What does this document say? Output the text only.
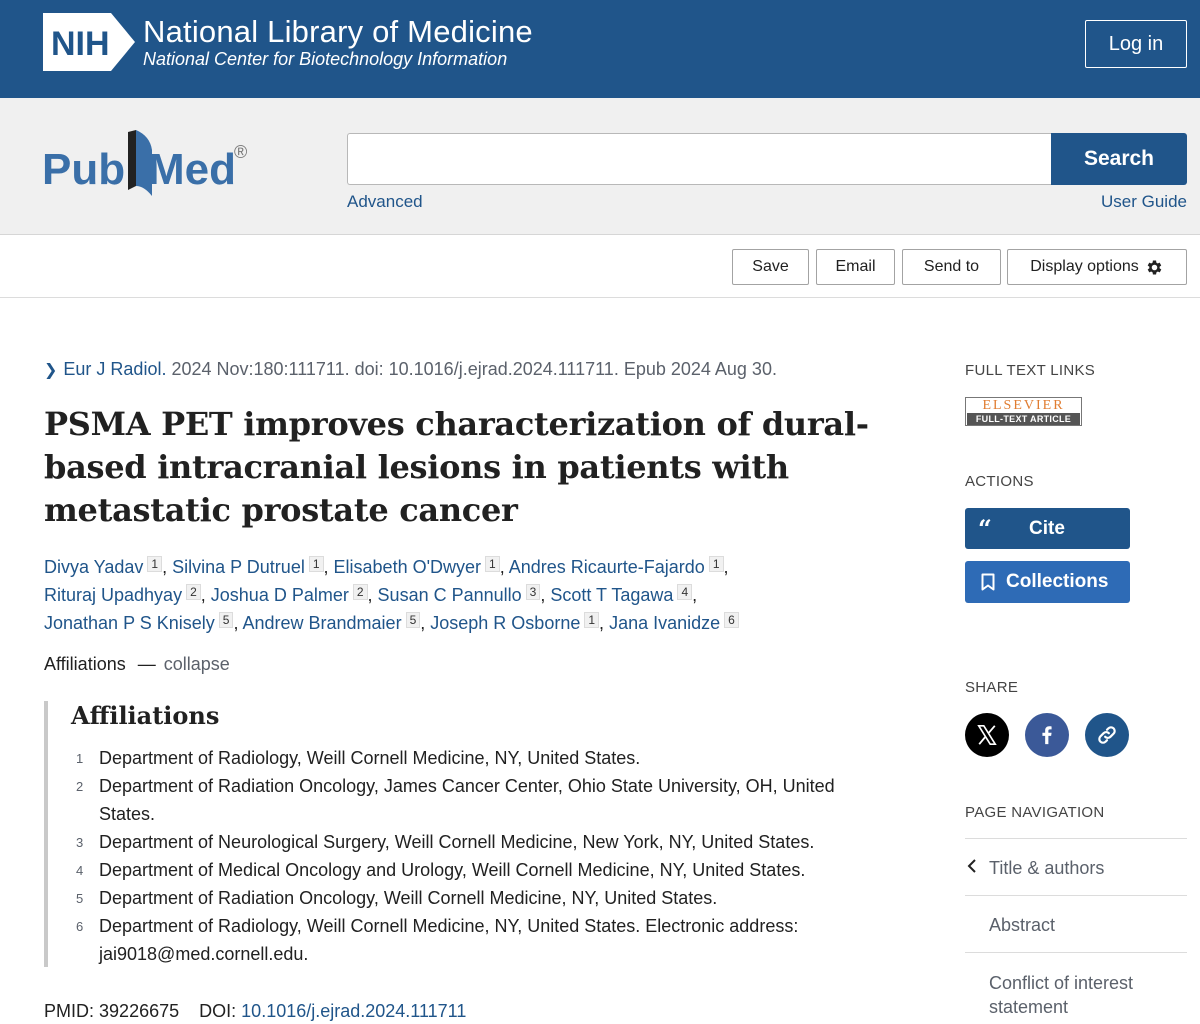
NIH National Library of Medicine
National Center for Biotechnology Information
Log in
Pub Med
®	Search
Advanced	User Guide
Save	Email	Send to	Display options
❯ Eur J Radiol. 2024 Nov:180:111711. doi: 10.1016/j.ejrad.2024.111711. Epub 2024 Aug 30.
PSMA PET improves characterization of dural-based intracranial lesions in patients with metastatic prostate cancer
Divya Yadav $^1$ , Silvina P Dutruel $^1$ , Elisabeth O'Dwyer $^1$ , Andres Ricaurte-Fajardo $^1$ ,
Rituraj Upadhyay $^2$ , Joshua D Palmer $^2$ , Susan C Pannullo $^3$ , Scott T Tagawa $^4$ ,
Jonathan P S Knisely $^5$ , Andrew Brandmaier $^5$ , Joseph R Osborne $^1$ , Jana Ivanidze $^6$
Affiliations — collapse
Affiliations
1 Department of Radiology, Weill Cornell Medicine, NY, United States.
2 Department of Radiation Oncology, James Cancer Center, Ohio State University, OH, United States.
3 Department of Neurological Surgery, Weill Cornell Medicine, New York, NY, United States.
4 Department of Medical Oncology and Urology, Weill Cornell Medicine, NY, United States.
5 Department of Radiation Oncology, Weill Cornell Medicine, NY, United States.
6 Department of Radiology, Weill Cornell Medicine, NY, United States. Electronic address: jai9018@med.cornell.edu.
PMID: 39226675 DOI: 10.1016/j.ejrad.2024.111711
FULL TEXT LINKS
ELSEVIER
FULL-TEXT ARTICLE
ACTIONS
“ Cite
Collections
SHARE
PAGE NAVIGATION
Title & authors
Abstract
Conflict of interest statement
